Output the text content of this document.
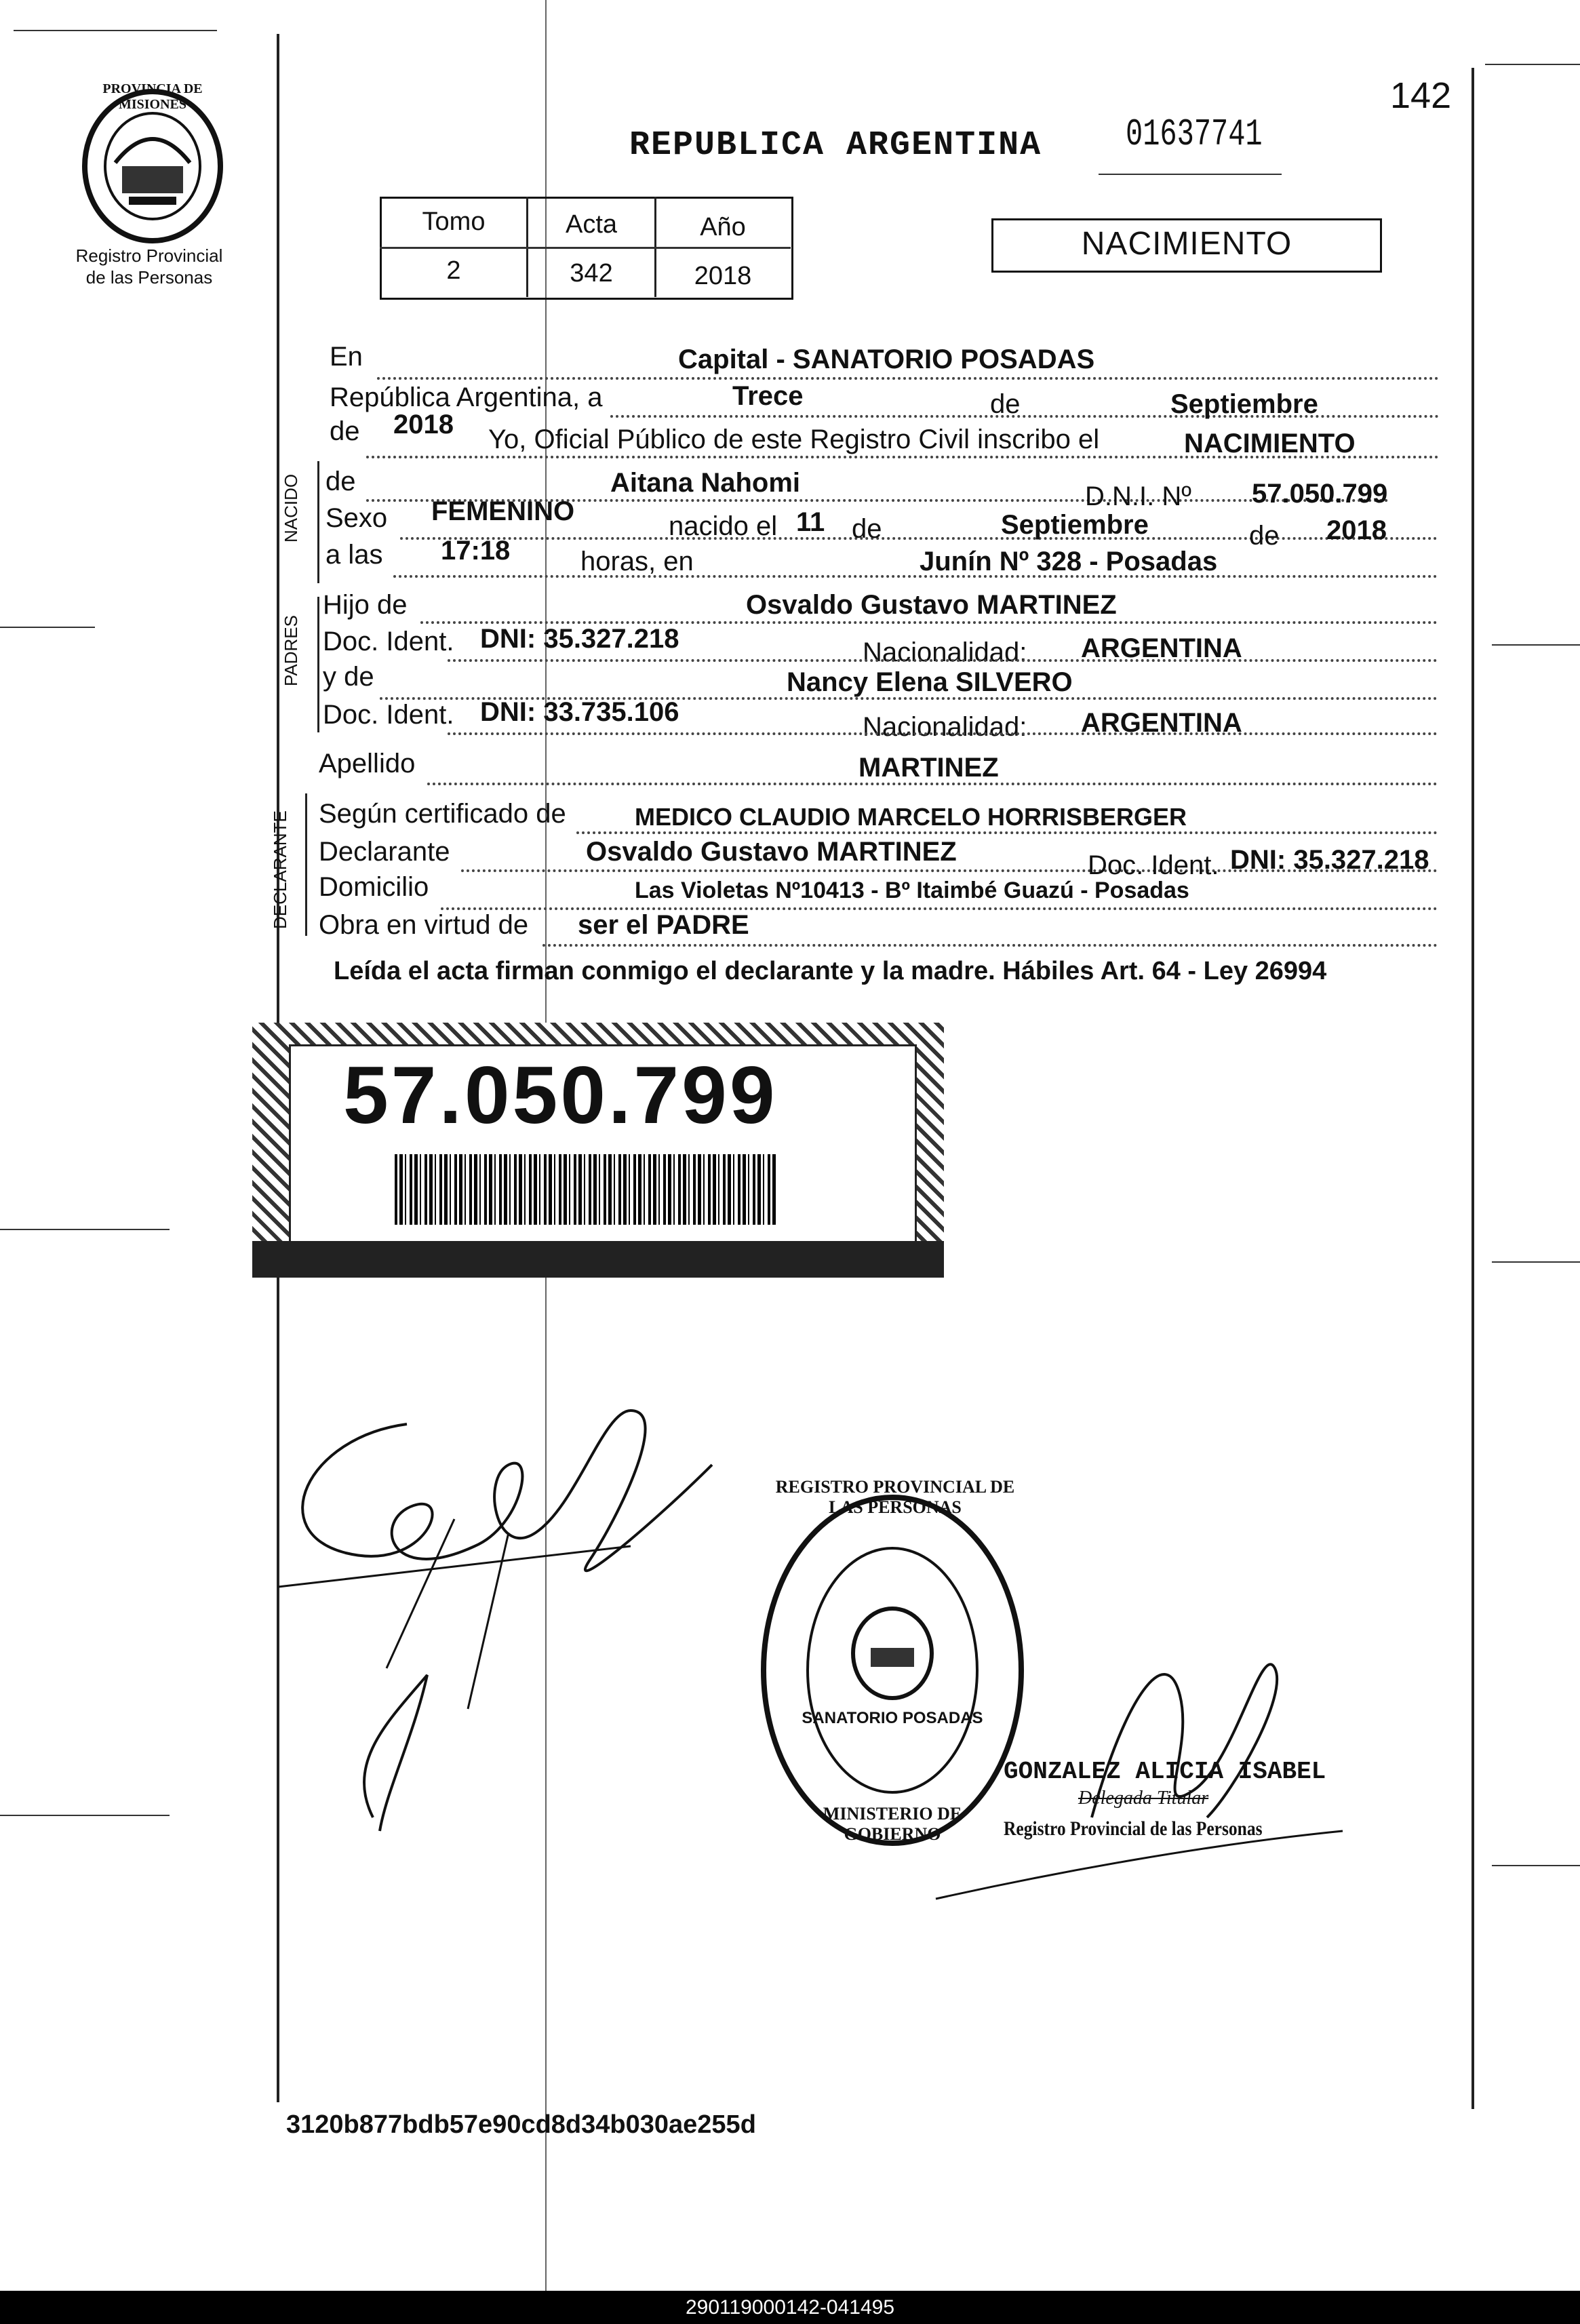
142
PROVINCIA DE MISIONES
Registro Provincial
de las Personas
REPUBLICA ARGENTINA 01637741
Tomo	Acta	Año
2	342	2018
NACIMIENTO
NACIDO
PADRES
DECLARANTE
En	Capital - SANATORIO POSADAS
República Argentina, a	Trece	de	Septiembre
de 2018 Yo, Oficial Público de este Registro Civil inscribo el	NACIMIENTO
de	Aitana Nahomi	D.N.I. Nº 57.050.799
Sexo FEMENINO	nacido el 11 de	Septiembre	de 2018
a las 17:18	horas, en	Junín Nº 328 - Posadas
Hijo de	Osvaldo Gustavo MARTINEZ
Doc. Ident. DNI: 35.327.218	Nacionalidad: ARGENTINA
y de	Nancy Elena SILVERO
Doc. Ident. DNI: 33.735.106	Nacionalidad: ARGENTINA
Apellido	MARTINEZ
Según certificado de	MEDICO CLAUDIO MARCELO HORRISBERGER
Declarante	Osvaldo Gustavo MARTINEZ	Doc. Ident. DNI: 35.327.218
Domicilio	Las Violetas Nº10413 - Bº Itaimbé Guazú - Posadas
Obra en virtud de ser el PADRE
Leída el acta firman conmigo el declarante y la madre. Hábiles Art. 64 - Ley 26994
57.050.799
REGISTRO PROVINCIAL DE LAS PERSONAS
SANATORIO POSADAS
MINISTERIO DE GOBIERNO
GONZALEZ ALICIA ISABEL
Delegada Titular
Registro Provincial de las Personas
3120b877bdb57e90cd8d34b030ae255d
290119000142-041495
